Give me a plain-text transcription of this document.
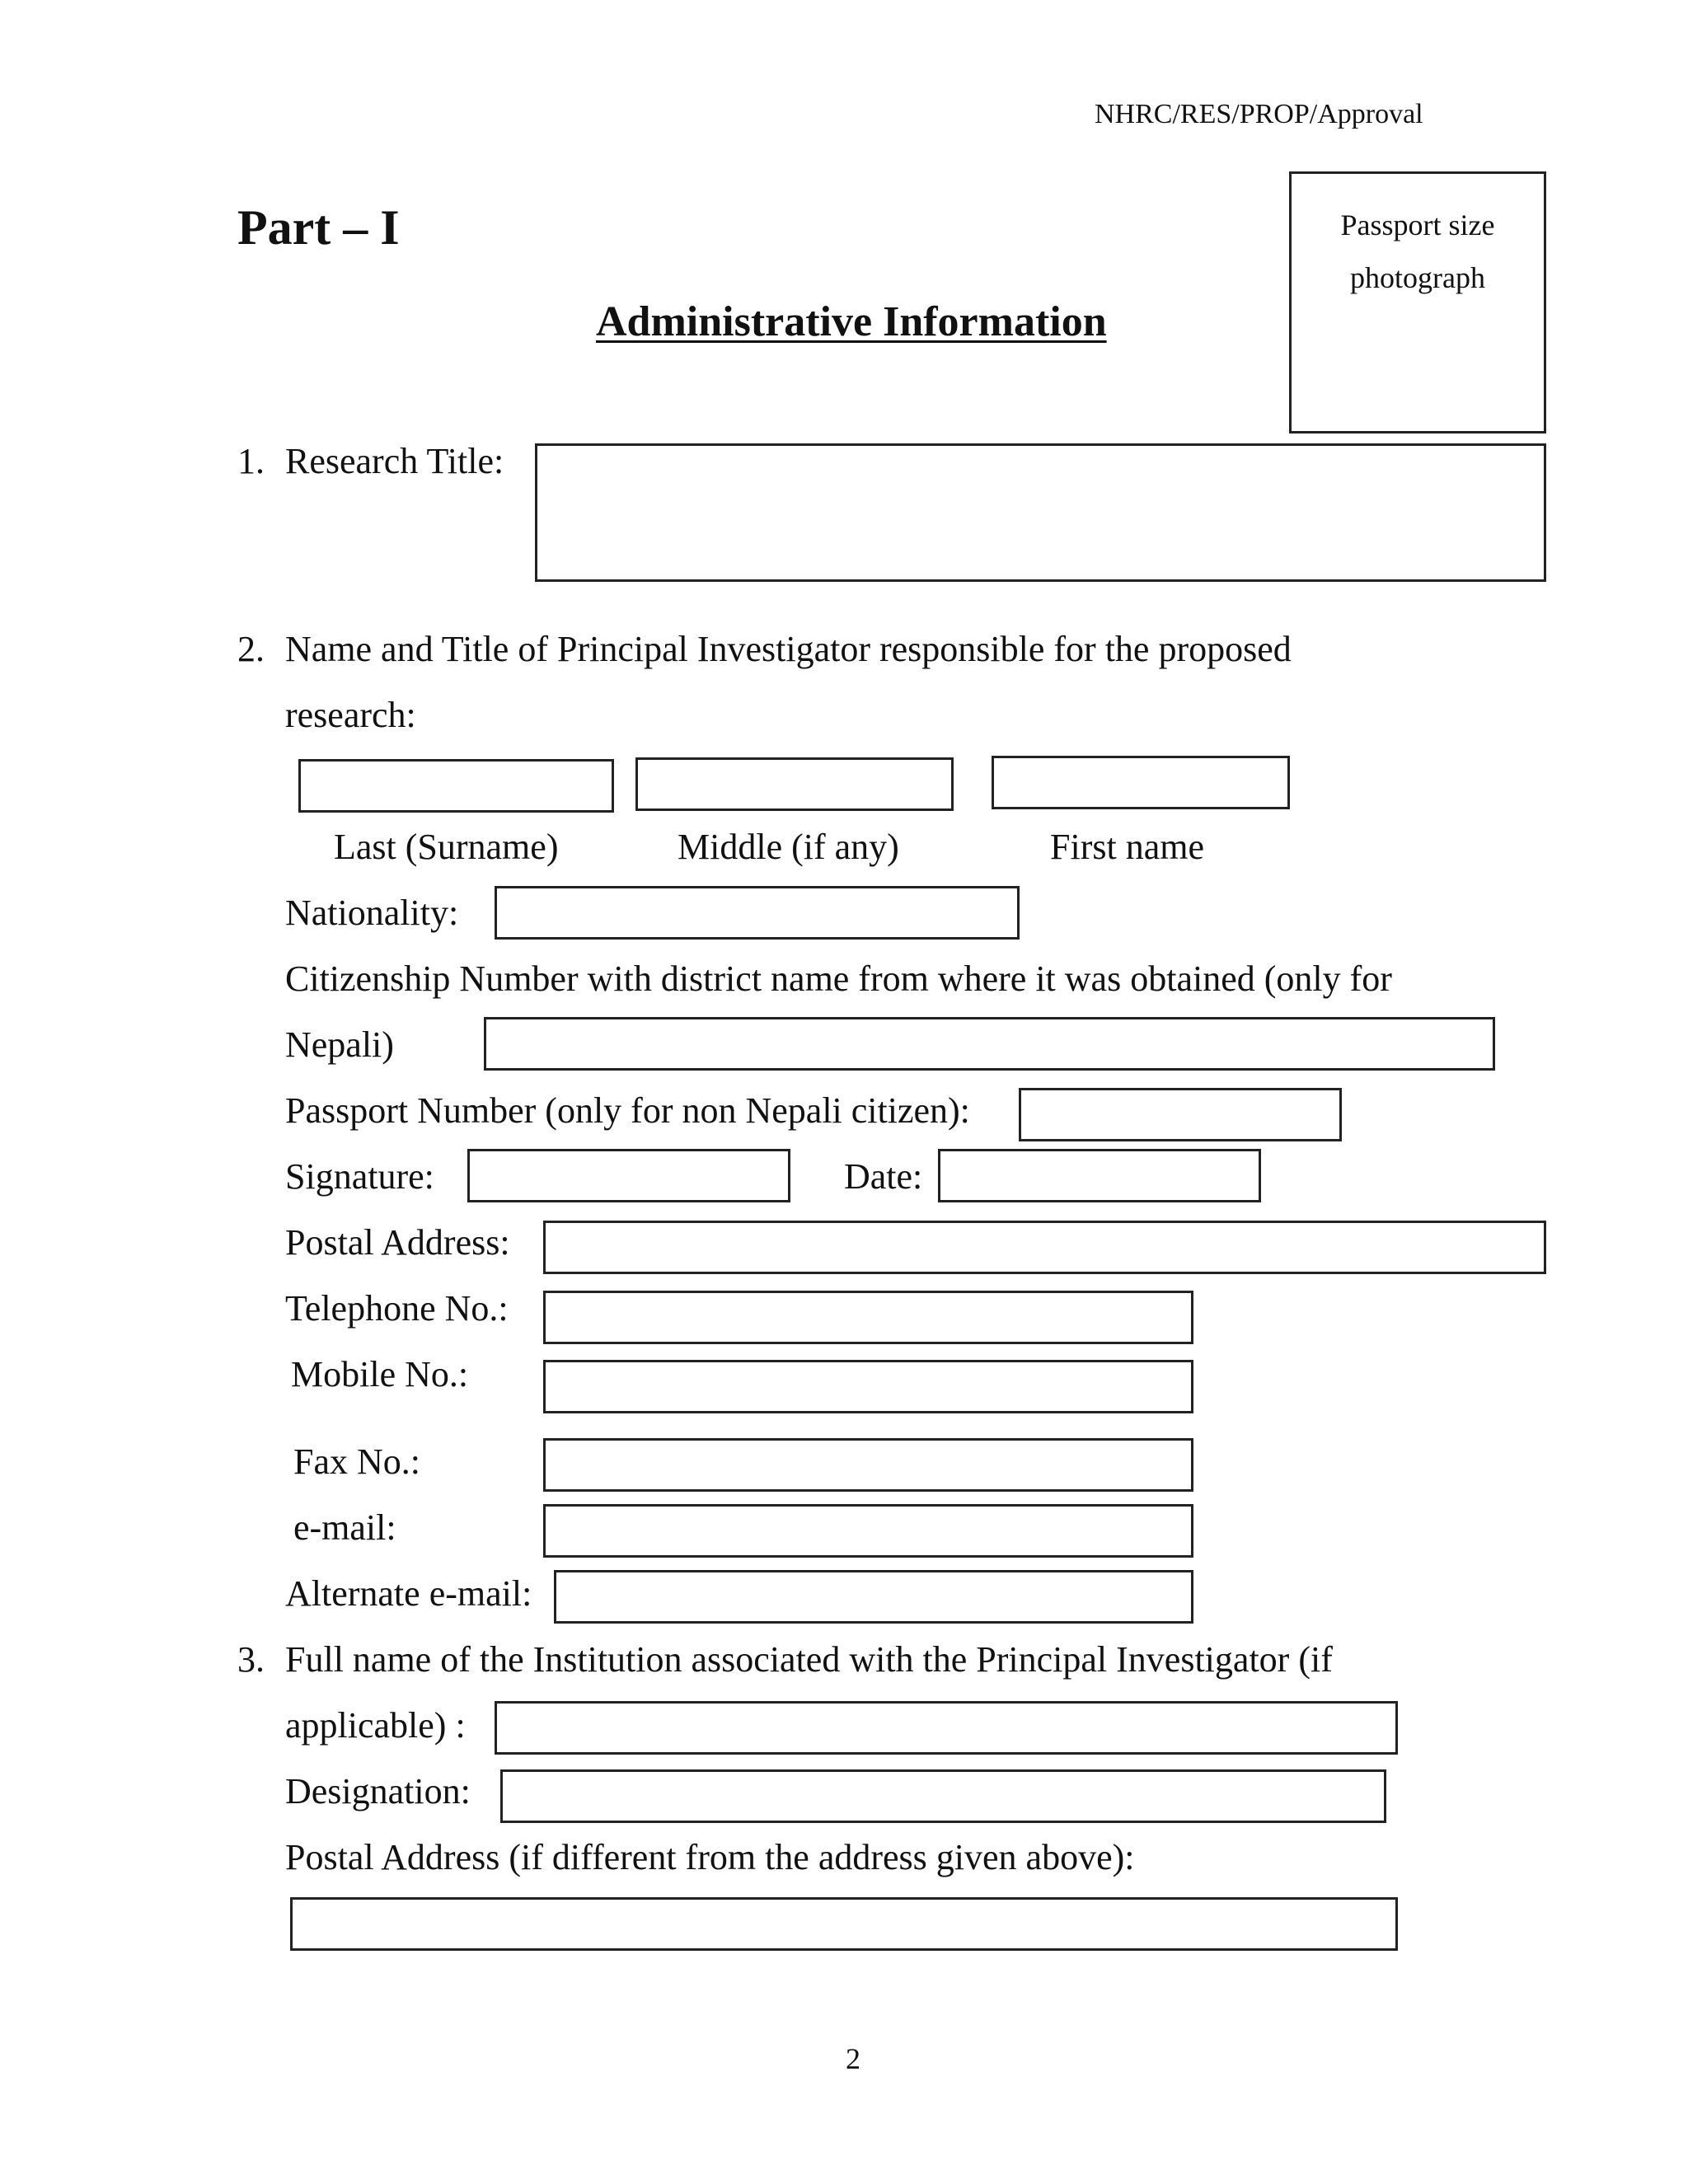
NHRC/RES/PROP/Approval
Part – I
Administrative Information
Passport size
photograph
1. Research Title:
2. Name and Title of Principal Investigator responsible for the proposed
research:
Last (Surname)	Middle (if any)	First name
Nationality:
Citizenship Number with district name from where it was obtained (only for
Nepali)
Passport Number (only for non Nepali citizen):
Signature:	Date:
Postal Address:
Telephone No.:
Mobile No.:
Fax No.:
e-mail:
Alternate e-mail:
3. Full name of the Institution associated with the Principal Investigator (if
applicable) :
Designation:
Postal Address (if different from the address given above):
2
